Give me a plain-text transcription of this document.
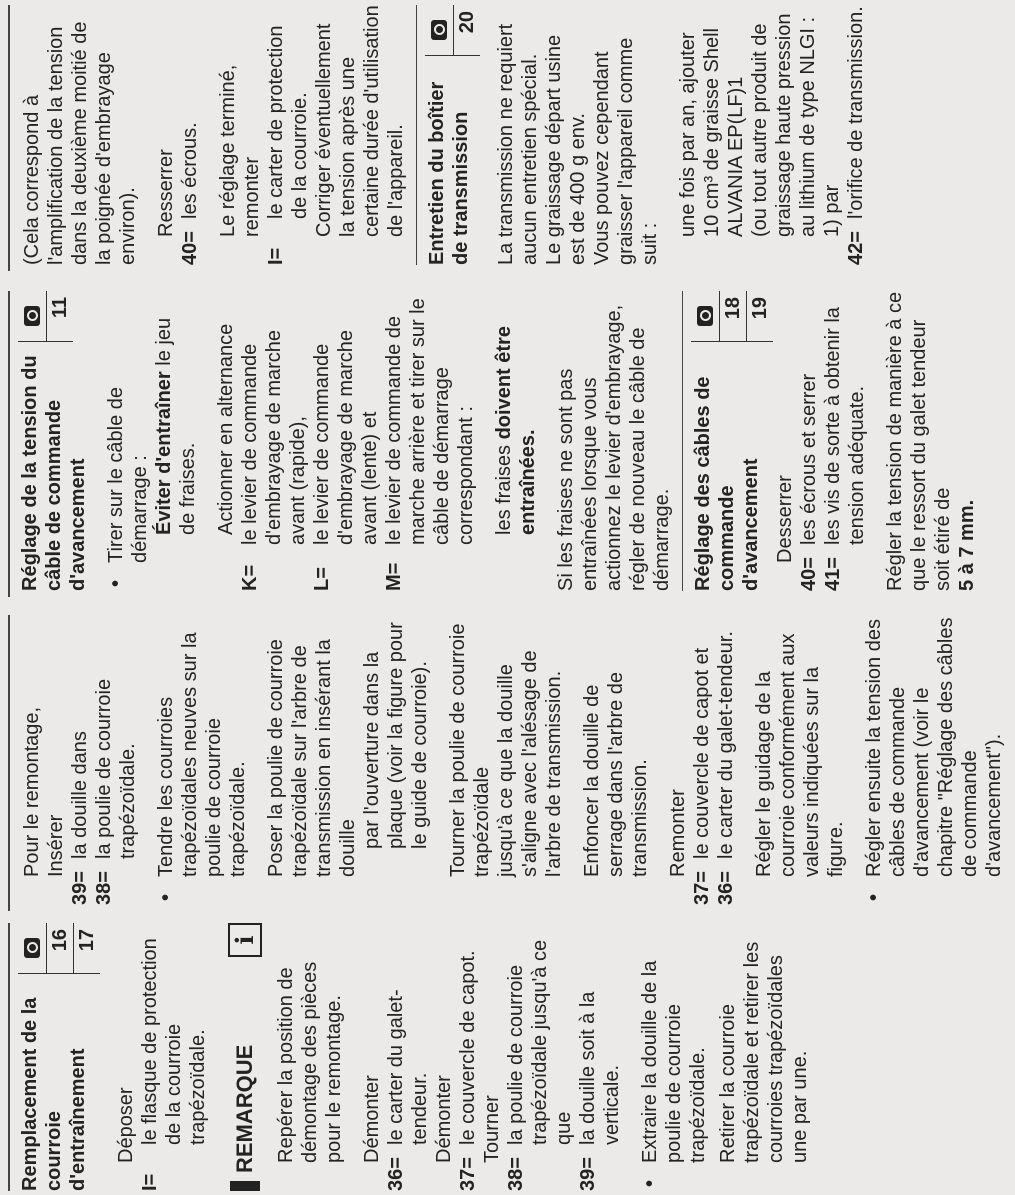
Remplacement de la courroie d'entraînement
16 17

Déposer

I=
le flasque de protection de la courroie trapézoïdale. REMARQUE
i

Repérer la position de démontage des pièces pour le remontage. Démonter

36=
le carter du galet-tendeur. Démonter

37=
le couvercle de capot. Tourner

38=
la poulie de courroie trapézoïdale jusqu'à ce que
39=
la douille soit à la verticale.
•
Extraire la douille de la poulie de courroie trapézoïdale. Retirer la courroie trapézoïdale et retirer les courroies trapézoïdales une par une.

Pour le remontage, Insérer

39=
la douille dans
38=
la poulie de courroie trapézoïdale.
•
Tendre les courroies trapézoïdales neuves sur la poulie de courroie trapézoïdale. Poser la poulie de courroie trapézoïdale sur l'arbre de transmission en insérant la douille par l'ouverture dans la plaque (voir la figure pour le guide de courroie). Tourner la poulie de courroie trapézoïdale jusqu'à ce que la douille s'aligne avec l'alésage de l'arbre de transmission. Enfoncer la douille de serrage dans l'arbre de transmission. Remonter

37=
le couvercle de capot et
36=
le carter du galet-tendeur. Régler le guidage de la courroie conformément aux valeurs indiquées sur la figure.

•
Régler ensuite la tension des câbles de commande d'avancement (voir le chapitre "Réglage des câbles de commande d'avancement").
Réglage de la tension du câble de commande d'avancement
11
•
Tirer sur le câble de démarrage : Éviter d'entraîner le jeu de fraises. Actionner en alternance

K=
le levier de commande d'embrayage de marche avant (rapide),
L=
le levier de commande d'embrayage de marche avant (lente) et
M=
le levier de commande de marche arrière et tirer sur le câble de démarrage correspondant : les fraises doivent être entraînées. Si les fraises ne sont pas entraînées lorsque vous actionnez le levier d'embrayage, régler de nouveau le câble de démarrage. Réglage des câbles de commande d'avancement
18 19

Desserrer

40=
les écrous et serrer
41=
les vis de sorte à obtenir la tension adéquate. Régler la tension de manière à ce que le ressort du galet tendeur soit étiré de 5 à 7 mm.

(Cela correspond à l'amplification de la tension dans la deuxième moitié de la poignée d'embrayage environ). Resserrer

40=
les écrous. Le réglage terminé, remonter

I=
le carter de protection de la courroie. Corriger éventuellement la tension après une certaine durée d'utilisation de l'appareil. Entretien du boîtier de transmission
20

La transmission ne requiert aucun entretien spécial. Le graissage départ usine est de 400 g env. Vous pouvez cependant graisser l'appareil comme suit :

une fois par an, ajouter 10 cm³ de graisse Shell ALVANIA EP(LF)1 (ou tout autre produit de graissage haute pression au lithium de type NLGI : 1) par

42=
l'orifice de transmission.
